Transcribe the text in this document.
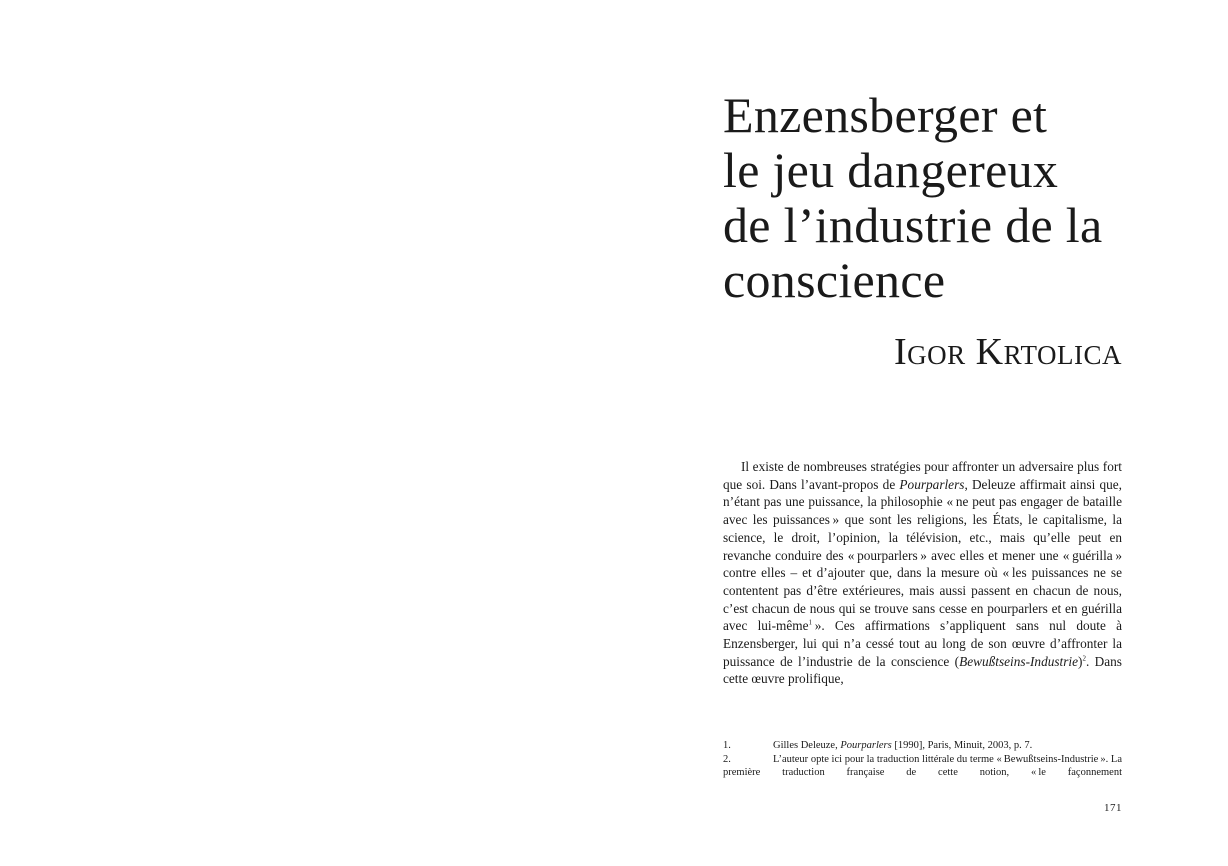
Enzensberger et
le jeu dangereux
de l’industrie de la
conscience
Igor Krtolica

Il existe de nombreuses stratégies pour affronter un adversaire plus fort que soi. Dans l’avant-propos de Pourparlers, Deleuze affirmait ainsi que, n’étant pas une puissance, la philosophie « ne peut pas engager de bataille avec les puissances » que sont les religions, les États, le capitalisme, la science, le droit, l’opinion, la télévision, etc., mais qu’elle peut en revanche conduire des « pourparlers » avec elles et mener une « guérilla » contre elles – et d’ajouter que, dans la mesure où « les puissances ne se contentent pas d’être extérieures, mais aussi passent en chacun de nous, c’est chacun de nous qui se trouve sans cesse en pourparlers et en guérilla avec lui-même$^1$ ». Ces affirmations s’appliquent sans nul doute à Enzensberger, lui qui n’a cessé tout au long de son œuvre d’affronter la puissance de l’industrie de la conscience (Bewußtseins-Industrie)$^2$. Dans cette œuvre prolifique,

1.	Gilles Deleuze, Pourparlers [1990], Paris, Minuit, 2003, p. 7.

2.	L’auteur opte ici pour la traduction littérale du terme « Bewußtseins-Industrie ». La première traduction française de cette notion, « le façonnement

171
